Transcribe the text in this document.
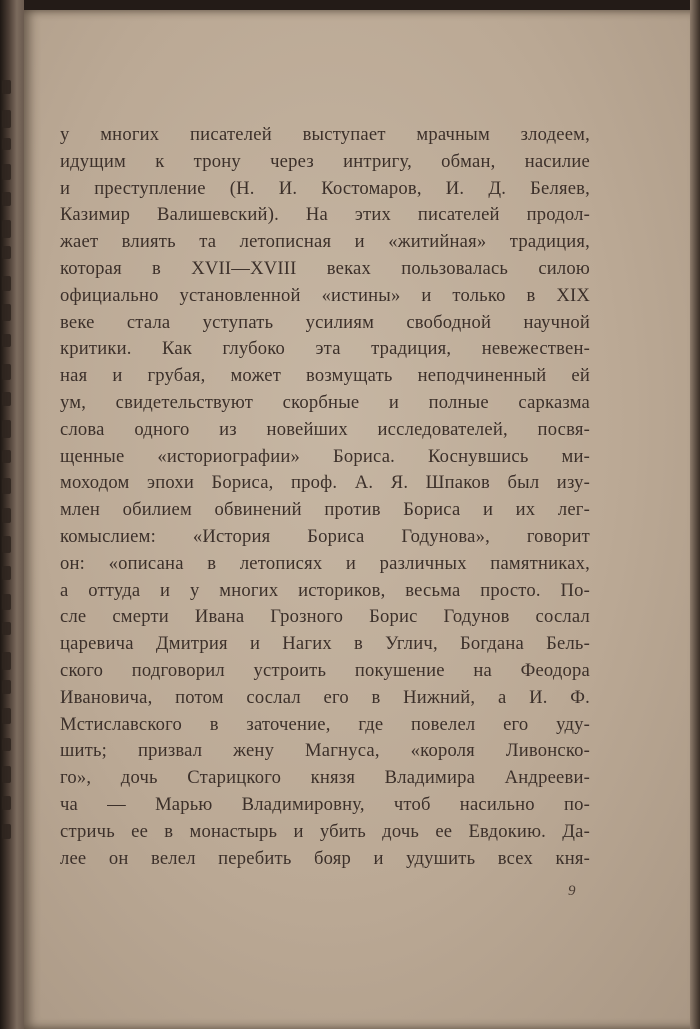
у многих писателей выступает мрачным злодеем,
идущим к трону через интригу, обман, насилие
и преступление (Н. И. Костомаров, И. Д. Беляев,
Казимир Валишевский). На этих писателей продол-
жает влиять та летописная и «житийная» традиция,
которая в XVII—XVIII веках пользовалась силою
официально установленной «истины» и только в XIX
веке стала уступать усилиям свободной научной
критики. Как глубоко эта традиция, невежествен-
ная и грубая, может возмущать неподчиненный ей
ум, свидетельствуют скорбные и полные сарказма
слова одного из новейших исследователей, посвя-
щенные «историографии» Бориса. Коснувшись ми-
моходом эпохи Бориса, проф. А. Я. Шпаков был изу-
млен обилием обвинений против Бориса и их лег-
комыслием: «История Бориса Годунова», говорит
он: «описана в летописях и различных памятниках,
а оттуда и у многих историков, весьма просто. По-
сле смерти Ивана Грозного Борис Годунов сослал
царевича Дмитрия и Нагих в Углич, Богдана Бель-
ского подговорил устроить покушение на Феодора
Ивановича, потом сослал его в Нижний, а И. Ф.
Мстиславского в заточение, где повелел его уду-
шить; призвал жену Магнуса, «короля Ливонско-
го», дочь Старицкого князя Владимира Андрееви-
ча — Марью Владимировну, чтоб насильно по-
стричь ее в монастырь и убить дочь ее Евдокию. Да-
лее он велел перебить бояр и удушить всех кня-
9
